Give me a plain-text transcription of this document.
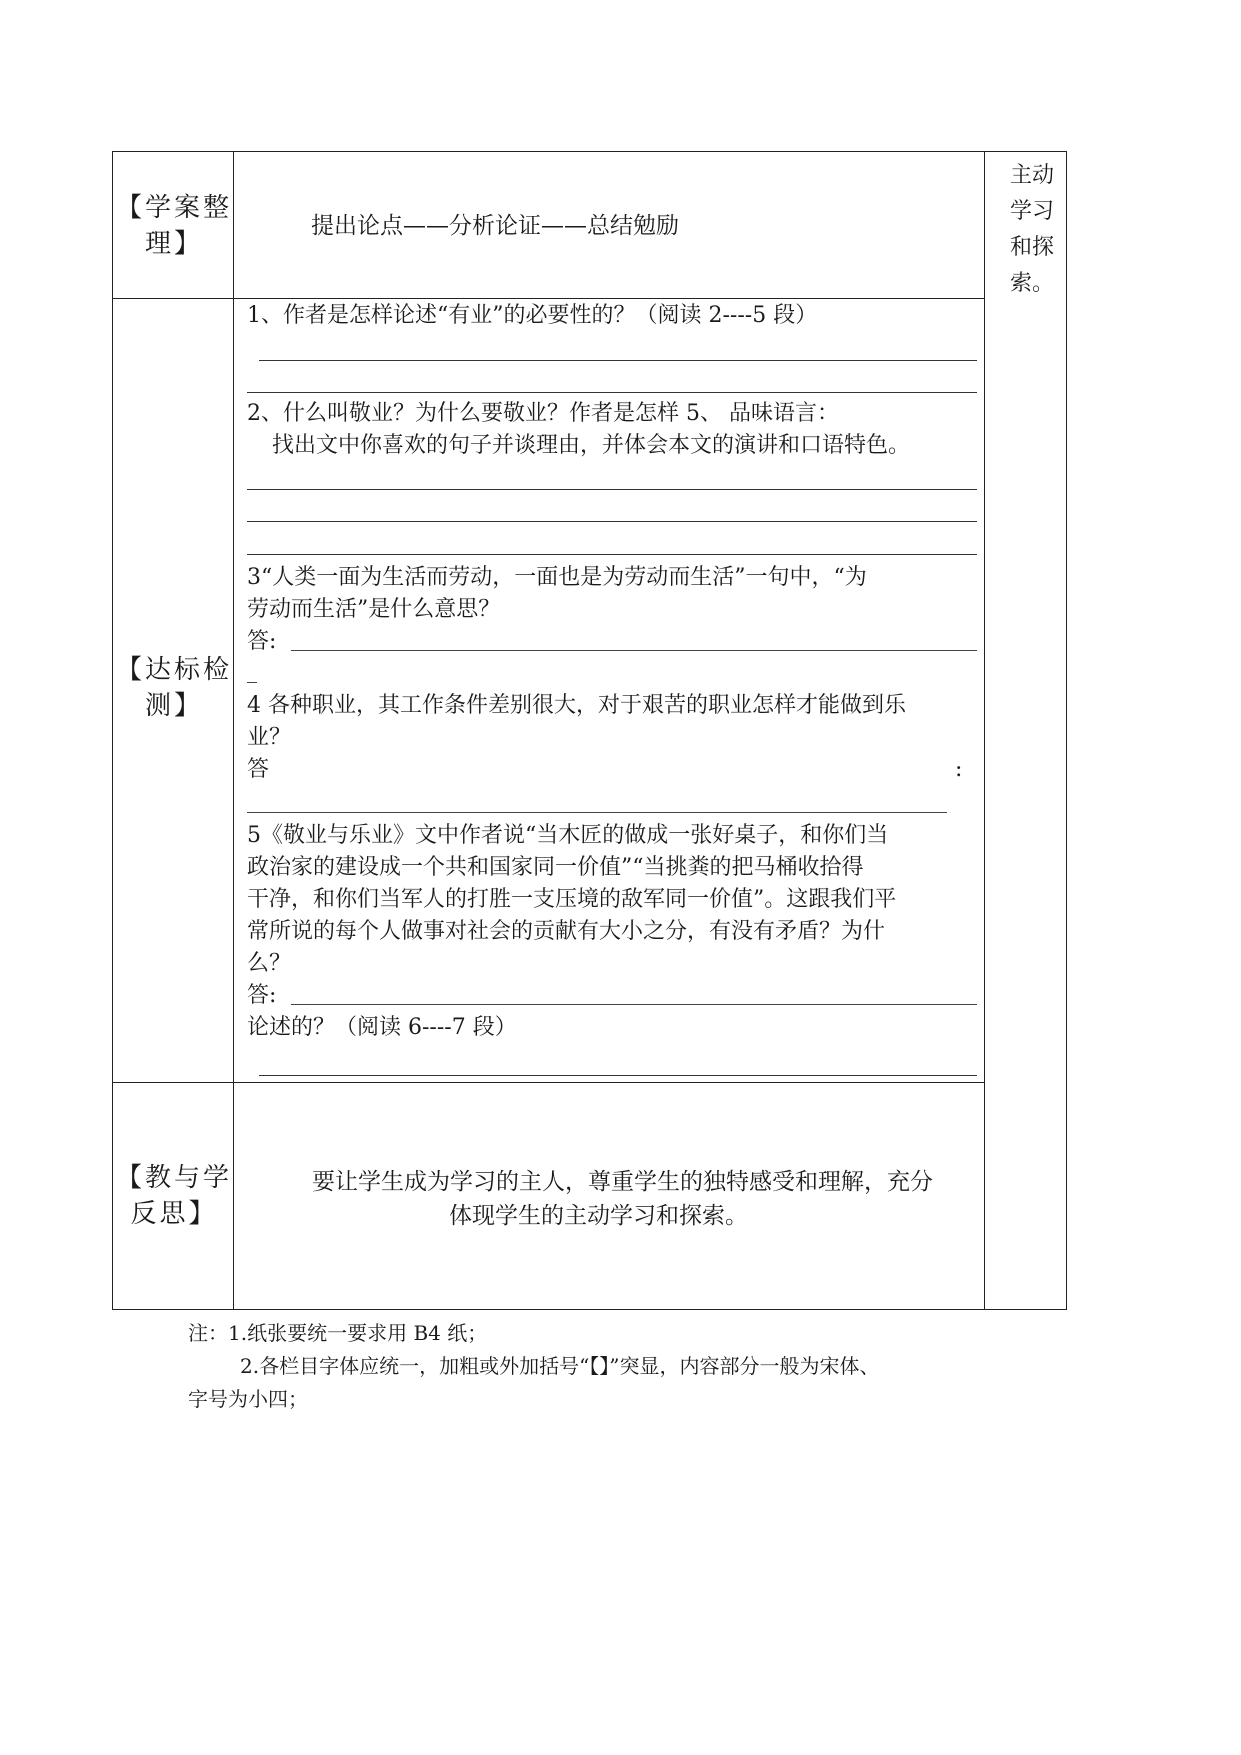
主动
学习
和探
索。
【学案整
理】
提出论点——分析论证——总结勉励
【达标检
测】
1、作者是怎样论述“有业”的必要性的？（阅读 2----5 段）
2、什么叫敬业？为什么要敬业？作者是怎样 5、 品味语言：
找出文中你喜欢的句子并谈理由，并体会本文的演讲和口语特色。
3“人类一面为生活而劳动，一面也是为劳动而生活”一句中，“为
劳动而生活”是什么意思？
答:
4 各种职业，其工作条件差别很大，对于艰苦的职业怎样才能做到乐
业？
答	:
5《敬业与乐业》文中作者说“当木匠的做成一张好桌子，和你们当
政治家的建设成一个共和国家同一价值”“当挑粪的把马桶收拾得
干净，和你们当军人的打胜一支压境的敌军同一价值”。这跟我们平
常所说的每个人做事对社会的贡献有大小之分，有没有矛盾？为什
么？
答:
论述的？（阅读 6----7 段）
【教与学
反思】
要让学生成为学习的主人，尊重学生的独特感受和理解，充分
体现学生的主动学习和探索。
注：1.纸张要统一要求用 B4 纸；
2.各栏目字体应统一，加粗或外加括号“【】”突显，内容部分一般为宋体、
字号为小四；
